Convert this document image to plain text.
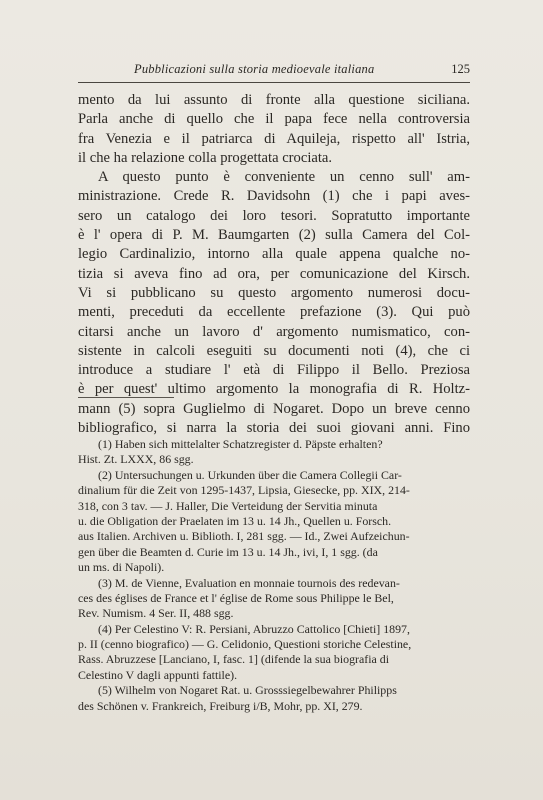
Pubblicazioni sulla storia medioevale italiana	125
mento da lui assunto di fronte alla questione siciliana.
Parla anche di quello che il papa fece nella controversia
fra Venezia e il patriarca di Aquileja, rispetto all' Istria,
il che ha relazione colla progettata crociata.
A questo punto è conveniente un cenno sull' am-
ministrazione. Crede R. Davidsohn (1) che i papi aves-
sero un catalogo dei loro tesori. Sopratutto importante
è l' opera di P. M. Baumgarten (2) sulla Camera del Col-
legio Cardinalizio, intorno alla quale appena qualche no-
tizia si aveva fino ad ora, per comunicazione del Kirsch.
Vi si pubblicano su questo argomento numerosi docu-
menti, preceduti da eccellente prefazione (3). Qui può
citarsi anche un lavoro d' argomento numismatico, con-
sistente in calcoli eseguiti su documenti noti (4), che ci
introduce a studiare l' età di Filippo il Bello. Preziosa
è per quest' ultimo argomento la monografia di R. Holtz-
mann (5) sopra Guglielmo di Nogaret. Dopo un breve cenno
bibliografico, si narra la storia dei suoi giovani anni. Fino
(1) Haben sich mittelalter Schatzregister d. Päpste erhalten?
Hist. Zt. LXXX, 86 sgg.
(2) Untersuchungen u. Urkunden über die Camera Collegii Car-
dinalium für die Zeit von 1295-1437, Lipsia, Giesecke, pp. XIX, 214-
318, con 3 tav. — J. Haller, Die Verteidung der Servitia minuta
u. die Obligation der Praelaten im 13 u. 14 Jh., Quellen u. Forsch.
aus Italien. Archiven u. Biblioth. I, 281 sgg. — Id., Zwei Aufzeichun-
gen über die Beamten d. Curie im 13 u. 14 Jh., ivi, I, 1 sgg. (da
un ms. di Napoli).
(3) M. de Vienne, Evaluation en monnaie tournois des redevan-
ces des églises de France et l' église de Rome sous Philippe le Bel,
Rev. Numism. 4 Ser. II, 488 sgg.
(4) Per Celestino V: R. Persiani, Abruzzo Cattolico [Chieti] 1897,
p. II (cenno biografico) — G. Celidonio, Questioni storiche Celestine,
Rass. Abruzzese [Lanciano, I, fasc. 1] (difende la sua biografia di
Celestino V dagli appunti fattile).
(5) Wilhelm von Nogaret Rat. u. Grosssiegelbewahrer Philipps
des Schönen v. Frankreich, Freiburg i/B, Mohr, pp. XI, 279.
